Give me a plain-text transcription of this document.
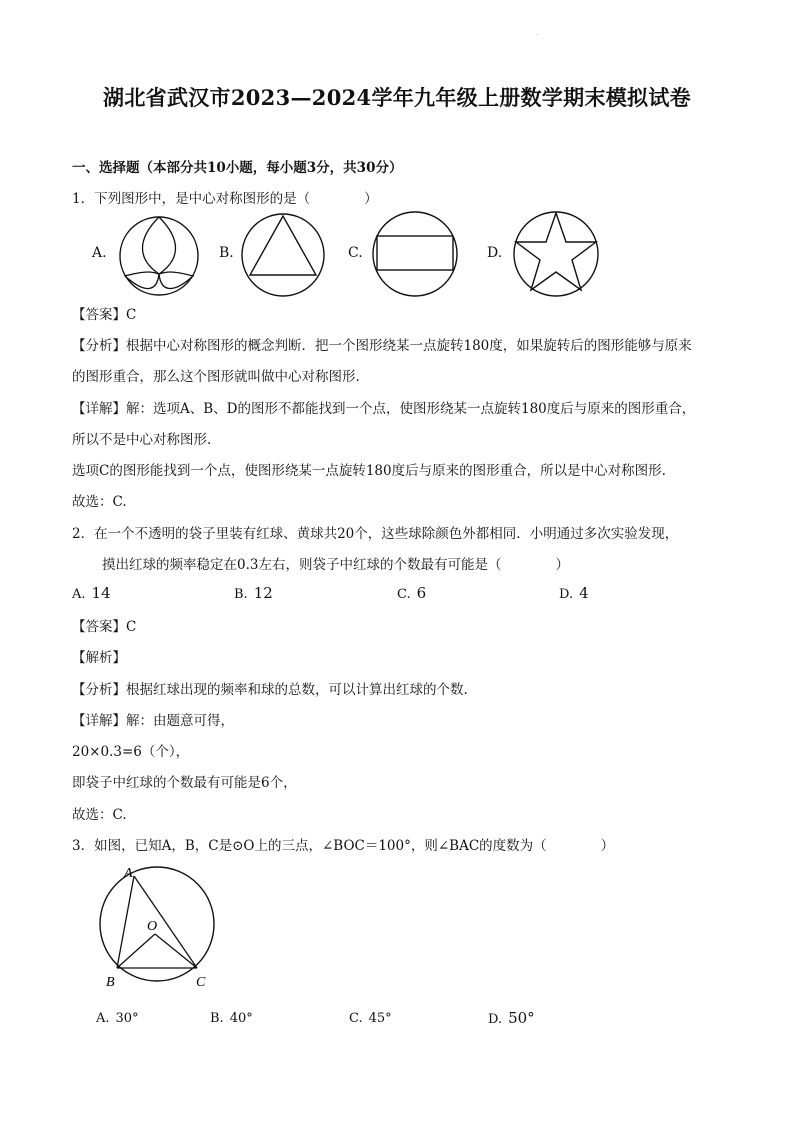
.
湖北省武汉市2023—2024学年九年级上册数学期末模拟试卷
一、选择题（本部分共10小题，每小题3分，共30分）
1．下列图形中，是中心对称图形的是（　　　　）
A.	B.	C.	D.
【答案】C
【分析】根据中心对称图形的概念判断．把一个图形绕某一点旋转180度，如果旋转后的图形能够与原来
的图形重合，那么这个图形就叫做中心对称图形.
【详解】解：选项A、B、D的图形不都能找到一个点，使图形绕某一点旋转180度后与原来的图形重合，
所以不是中心对称图形.
选项C的图形能找到一个点，使图形绕某一点旋转180度后与原来的图形重合，所以是中心对称图形.
故选：C.
2．在一个不透明的袋子里装有红球、黄球共20个，这些球除颜色外都相同．小明通过多次实验发现，
摸出红球的频率稳定在0.3左右，则袋子中红球的个数最有可能是（　　　　）
A. 14	B. 12	C. 6	D. 4
【答案】C
【解析】
【分析】根据红球出现的频率和球的总数，可以计算出红球的个数.
【详解】解：由题意可得，
20×0.3=6（个），
即袋子中红球的个数最有可能是6个，
故选：C.
3．如图，已知A，B，C是⊙O上的三点，∠BOC＝100°，则∠BAC的度数为（　　　　）
A
O
B	C
A. 30°	B. 40°	C. 45°	D. 50°
